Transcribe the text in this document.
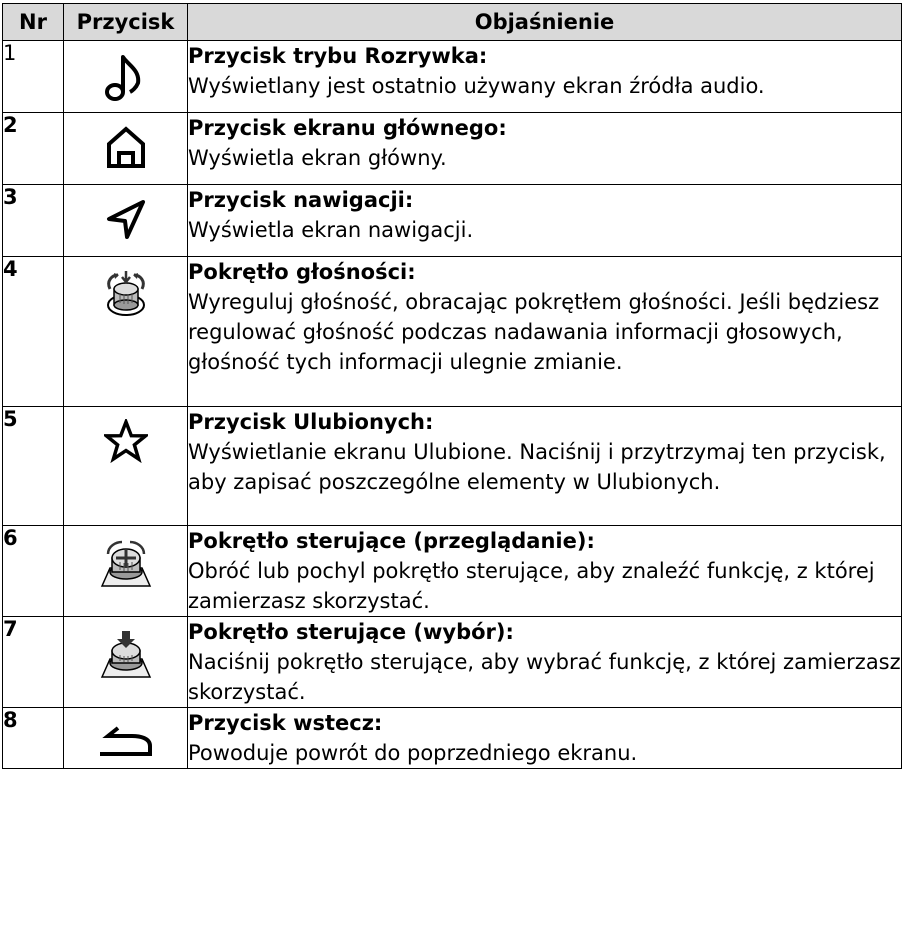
Nr	Przycisk	Objaśnienie
1		Przycisk trybu Rozrywka:
Wyświetlany jest ostatnio używany ekran źródła audio.

2		Przycisk ekranu głównego:
Wyświetla ekran główny.

3		Przycisk nawigacji:
Wyświetla ekran nawigacji.

4		Pokrętło głośności:
Wyreguluj głośność, obracając pokrętłem głośności. Jeśli będziesz regulować głośność podczas nadawania informacji głosowych, głośność tych informacji ulegnie zmianie.

5		Przycisk Ulubionych:
Wyświetlanie ekranu Ulubione. Naciśnij i przytrzymaj ten przycisk, aby zapisać poszczególne elementy w Ulubionych.

6		Pokrętło sterujące (przeglądanie):
Obróć lub pochyl pokrętło sterujące, aby znaleźć funkcję, z której zamierzasz skorzystać.

7		Pokrętło sterujące (wybór):
Naciśnij pokrętło sterujące, aby wybrać funkcję, z której zamierzasz skorzystać.

8		Przycisk wstecz:
Powoduje powrót do poprzedniego ekranu.
